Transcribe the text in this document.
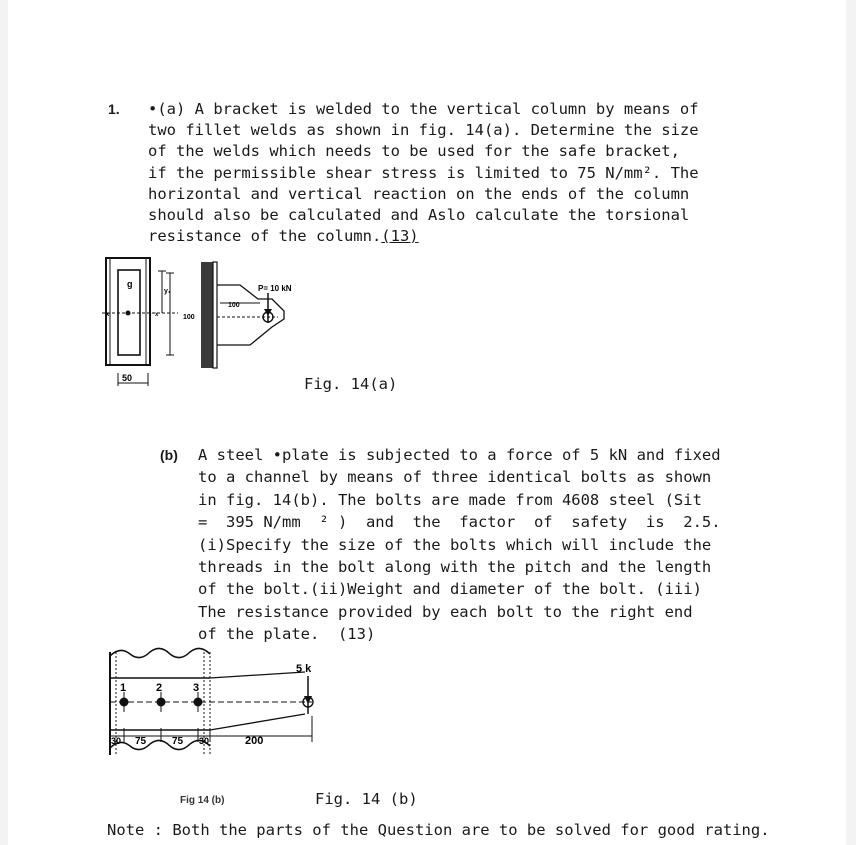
1. •(a) A bracket is welded to the vertical column by means of
two fillet welds as shown in fig. 14(a). Determine the size
of the welds which needs to be used for the safe bracket,
if the permissible shear stress is limited to 75 N/mm². The
horizontal and vertical reaction on the ends of the column
should also be calculated and Aslo calculate the torsional
resistance of the column.(13)
g
y₁
x	x	100
50
P= 10 kN
100
Fig. 14(a)
(b) A steel •plate is subjected to a force of 5 kN and fixed
to a channel by means of three identical bolts as shown
in fig. 14(b). The bolts are made from 4608 steel (Sit
=  395 N/mm  ² )  and  the  factor  of  safety  is  2.5.
(i)Specify the size of the bolts which will include the
threads in the bolt along with the pitch and the length
of the bolt.(ii)Weight and diameter of the bolt. (iii)
The resistance provided by each bolt to the right end
of the plate.  (13)
1	2	3
5 k
30 75	75 30	200
Fig 14 (b)	Fig. 14 (b)
Note : Both the parts of the Question are to be solved for good rating.
